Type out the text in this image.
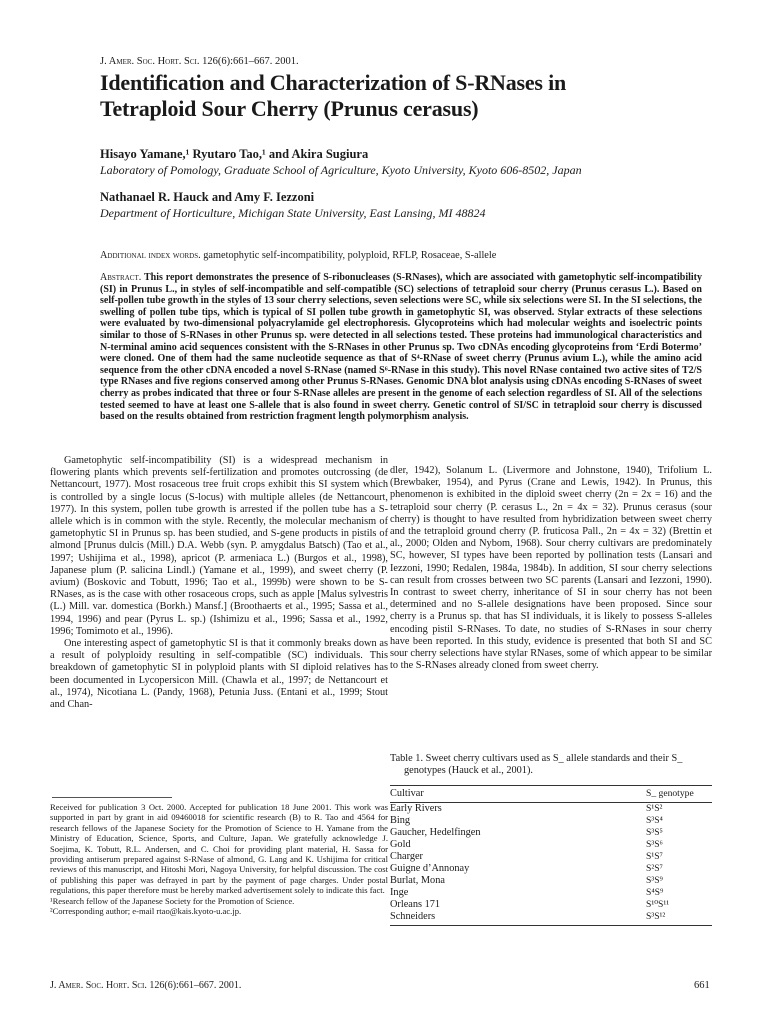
J. Amer. Soc. Hort. Sci. 126(6):661–667. 2001.
Identification and Characterization of S-RNases in
Tetraploid Sour Cherry (Prunus cerasus)
Hisayo Yamane,¹ Ryutaro Tao,¹ and Akira Sugiura
Laboratory of Pomology, Graduate School of Agriculture, Kyoto University, Kyoto 606-8502, Japan
Nathanael R. Hauck and Amy F. Iezzoni
Department of Horticulture, Michigan State University, East Lansing, MI 48824
Additional index words. gametophytic self-incompatibility, polyploid, RFLP, Rosaceae, S-allele

Abstract. This report demonstrates the presence of S-ribonucleases (S-RNases), which are associated with gametophytic self-incompatibility (SI) in Prunus L., in styles of self-incompatible and self-compatible (SC) selections of tetraploid sour cherry (Prunus cerasus L.). Based on self-pollen tube growth in the styles of 13 sour cherry selections, seven selections were SC, while six selections were SI. In the SI selections, the swelling of pollen tube tips, which is typical of SI pollen tube growth in gametophytic SI, was observed. Stylar extracts of these selections were evaluated by two-dimensional polyacrylamide gel electrophoresis. Glycoproteins which had molecular weights and isoelectric points similar to those of S-RNases in other Prunus sp. were detected in all selections tested. These proteins had immunological characteristics and N-terminal amino acid sequences consistent with the S-RNases in other Prunus sp. Two cDNAs encoding glycoproteins from ‘Erdi Botermo’ were cloned. One of them had the same nucleotide sequence as that of S⁴-RNase of sweet cherry (Prunus avium L.), while the amino acid sequence from the other cDNA encoded a novel S-RNase (named S⁶-RNase in this study). This novel RNase contained two active sites of T2/S type RNases and five regions conserved among other Prunus S-RNases. Genomic DNA blot analysis using cDNAs encoding S-RNases of sweet cherry as probes indicated that three or four S-RNase alleles are present in the genome of each selection regardless of SI. All of the selections tested seemed to have at least one S-allele that is also found in sweet cherry. Genetic control of SI/SC in tetraploid sour cherry is discussed based on the results obtained from restriction fragment length polymorphism analysis.

Gametophytic self-incompatibility (SI) is a widespread mechanism in flowering plants which prevents self-fertilization and promotes outcrossing (de Nettancourt, 1977). Most rosaceous tree fruit crops exhibit this SI system which is controlled by a single locus (S-locus) with multiple alleles (de Nettancourt, 1977). In this system, pollen tube growth is arrested if the pollen tube has a S-allele which is in common with the style. Recently, the molecular mechanism of gametophytic SI in Prunus sp. has been studied, and S-gene products in pistils of almond [Prunus dulcis (Mill.) D.A. Webb (syn. P. amygdalus Batsch) (Tao et al., 1997; Ushijima et al., 1998), apricot (P. armeniaca L.) (Burgos et al., 1998), Japanese plum (P. salicina Lindl.) (Yamane et al., 1999), and sweet cherry (P. avium) (Boskovic and Tobutt, 1996; Tao et al., 1999b) were shown to be S-RNases, as is the case with other rosaceous crops, such as apple [Malus sylvestris (L.) Mill. var. domestica (Borkh.) Mansf.] (Broothaerts et al., 1995; Sassa et al., 1994, 1996) and pear (Pyrus L. sp.) (Ishimizu et al., 1996; Sassa et al., 1992, 1996; Tomimoto et al., 1996).

One interesting aspect of gametophytic SI is that it commonly breaks down as a result of polyploidy resulting in self-compatible (SC) individuals. This breakdown of gametophytic SI in polyploid plants with SI diploid relatives has been documented in Lycopersicon Mill. (Chawla et al., 1997; de Nettancourt et al., 1974), Nicotiana L. (Pandy, 1968), Petunia Juss. (Entani et al., 1999; Stout and Chan-

Received for publication 3 Oct. 2000. Accepted for publication 18 June 2001. This work was supported in part by grant in aid 09460018 for scientific research (B) to R. Tao and 4564 for research fellows of the Japanese Society for the Promotion of Science to H. Yamane from the Ministry of Education, Science, Sports, and Culture, Japan. We gratefully acknowledge J. Soejima, K. Tobutt, R.L. Andersen, and C. Choi for providing plant material, H. Sassa for providing antiserum prepared against S-RNase of almond, G. Lang and K. Ushijima for critical reviews of this manuscript, and Hitoshi Mori, Nagoya University, for helpful discussion. The cost of publishing this paper was defrayed in part by the payment of page charges. Under postal regulations, this paper therefore must be hereby marked advertisement solely to indicate this fact.

¹Research fellow of the Japanese Society for the Promotion of Science.

²Corresponding author; e-mail rtao@kais.kyoto-u.ac.jp.

dler, 1942), Solanum L. (Livermore and Johnstone, 1940), Trifolium L. (Brewbaker, 1954), and Pyrus (Crane and Lewis, 1942). In Prunus, this phenomenon is exhibited in the diploid sweet cherry (2n = 2x = 16) and the tetraploid sour cherry (P. cerasus L., 2n = 4x = 32). Prunus cerasus (sour cherry) is thought to have resulted from hybridization between sweet cherry and the tetraploid ground cherry (P. fruticosa Pall., 2n = 4x = 32) (Brettin et al., 2000; Olden and Nybom, 1968). Sour cherry cultivars are predominately SC, however, SI types have been reported by pollination tests (Lansari and Iezzoni, 1990; Redalen, 1984a, 1984b). In addition, SI sour cherry selections can result from crosses between two SC parents (Lansari and Iezzoni, 1990). In contrast to sweet cherry, inheritance of SI in sour cherry has not been determined and no S-allele designations have been proposed. Since sour cherry is a Prunus sp. that has SI individuals, it is likely to possess S-alleles encoding pistil S-RNases. To date, no studies of S-RNases in sour cherry have been reported. In this study, evidence is presented that both SI and SC sour cherry selections have stylar RNases, some of which appear to be similar to the S-RNases already cloned from sweet cherry.

Table 1. Sweet cherry cultivars used as S_ allele standards and their S_ genotypes (Hauck et al., 2001).

Cultivar	S_ genotype
Early Rivers	S¹S²
Bing	S³S⁴
Gaucher, Hedelfingen	S³S⁵
Gold	S³S⁶
Charger	S¹S⁷
Guigne d’Annonay	S²S⁷
Burlat, Mona	S³S⁹
Inge	S⁴S⁹
Orleans 171	S¹⁰S¹¹
Schneiders	S³S¹²
J. Amer. Soc. Hort. Sci. 126(6):661–667. 2001.	661
